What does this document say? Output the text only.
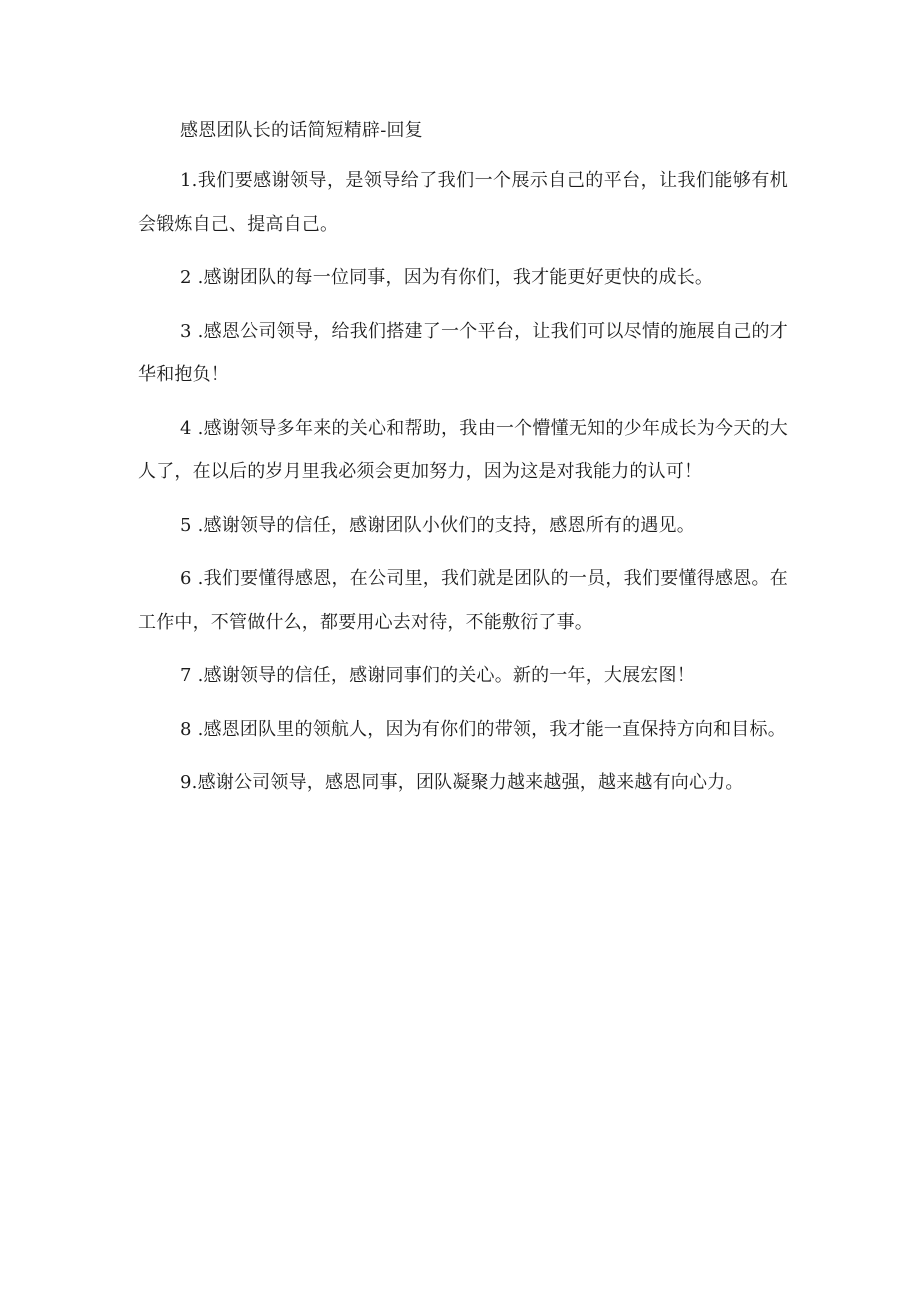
感恩团队长的话简短精辟-回复

1.我们要感谢领导，是领导给了我们一个展示自己的平台，让我们能够有机会锻炼自己、提高自己。

2 .感谢团队的每一位同事，因为有你们，我才能更好更快的成长。

3 .感恩公司领导，给我们搭建了一个平台，让我们可以尽情的施展自己的才华和抱负！

4 .感谢领导多年来的关心和帮助，我由一个懵懂无知的少年成长为今天的大人了，在以后的岁月里我必须会更加努力，因为这是对我能力的认可！

5 .感谢领导的信任，感谢团队小伙们的支持，感恩所有的遇见。

6 .我们要懂得感恩，在公司里，我们就是团队的一员，我们要懂得感恩。在工作中，不管做什么，都要用心去对待，不能敷衍了事。

7 .感谢领导的信任，感谢同事们的关心。新的一年，大展宏图！

8 .感恩团队里的领航人，因为有你们的带领，我才能一直保持方向和目标。

9.感谢公司领导，感恩同事，团队凝聚力越来越强，越来越有向心力。
